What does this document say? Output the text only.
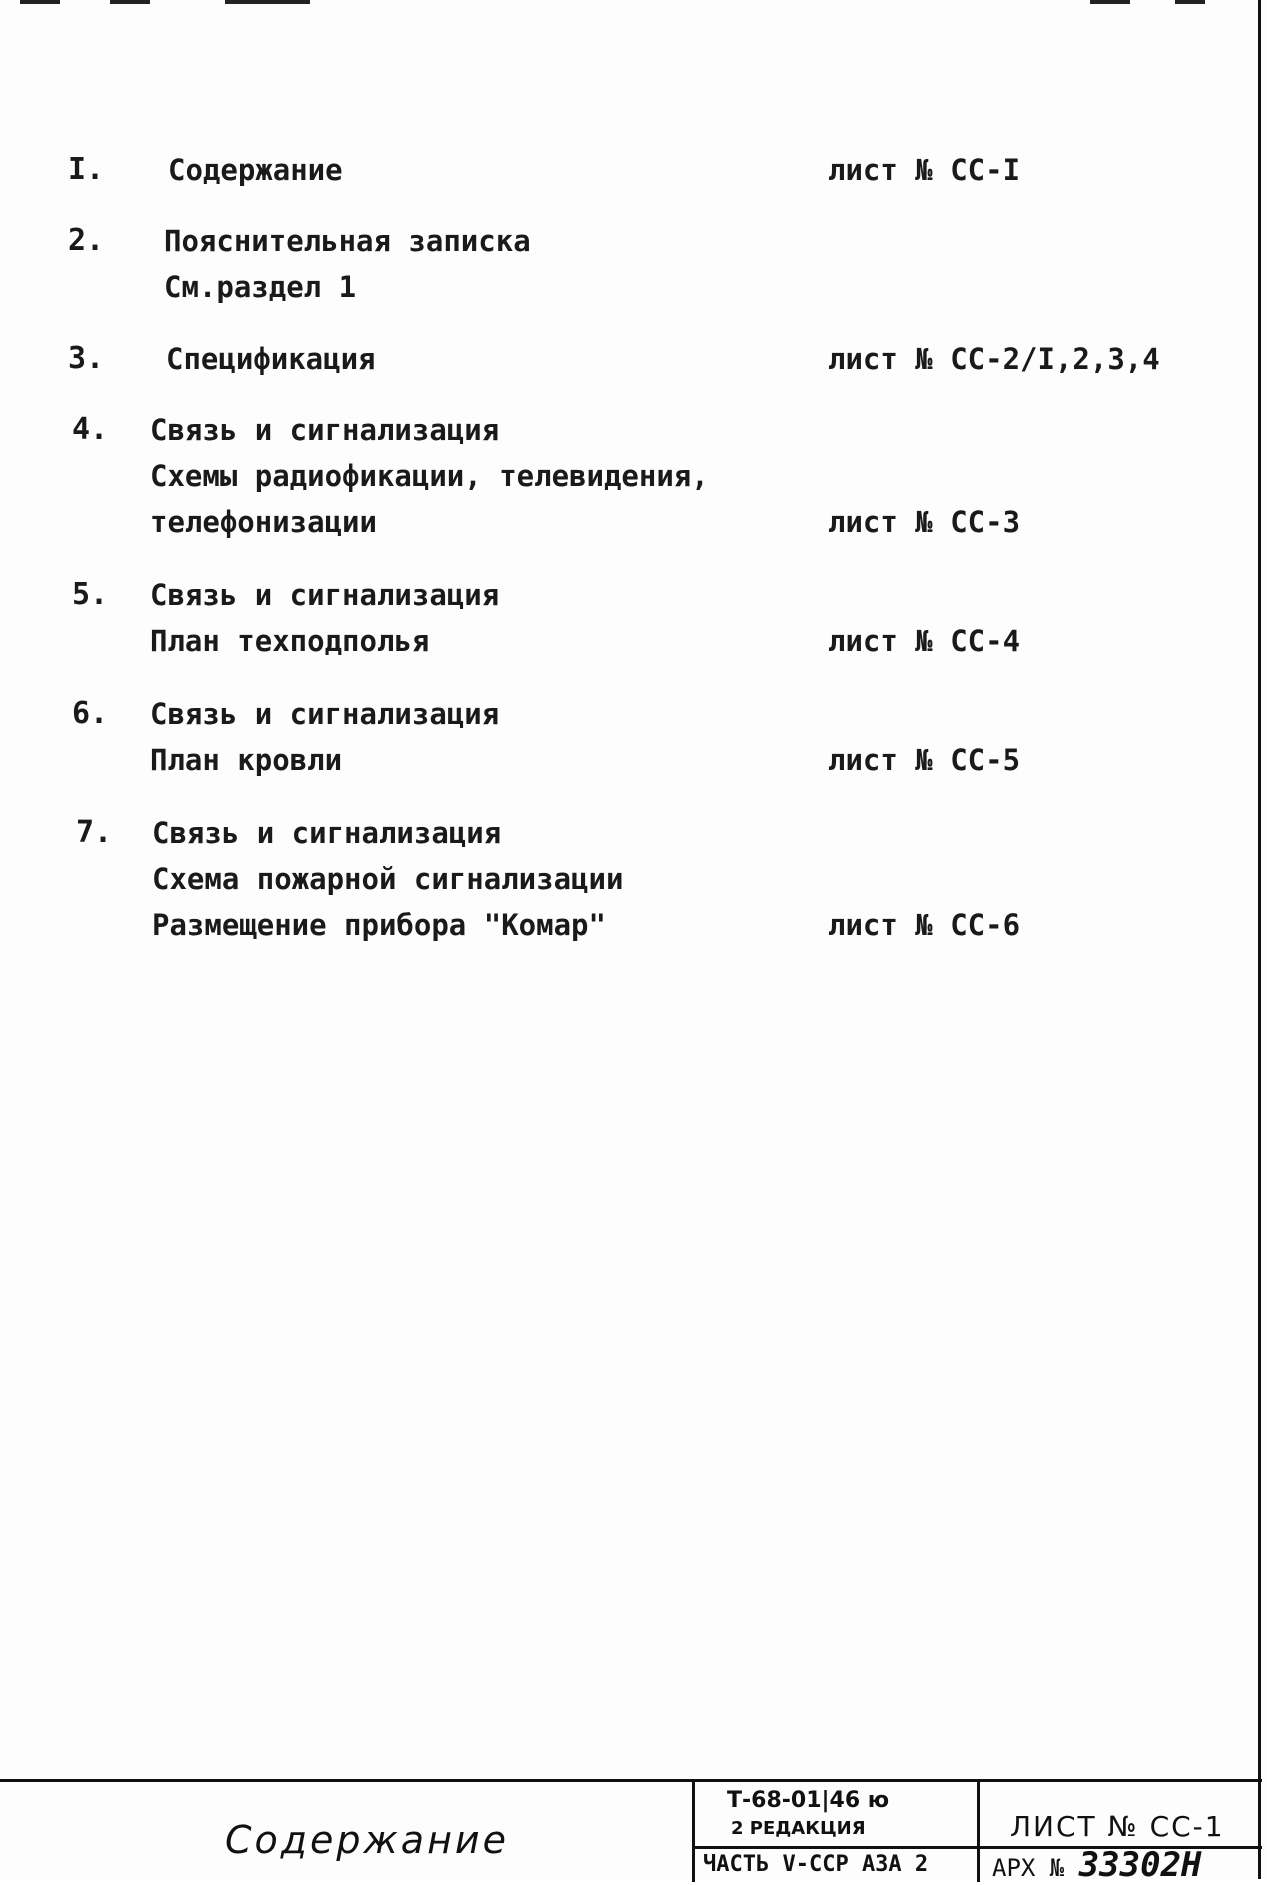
I. Содержание	лист № СС-I
2. Пояснительная записка
См.раздел 1
3. Спецификация	лист № СС-2/I,2,3,4
4. Связь и сигнализация
Схемы радиофикации, телевидения,
телефонизации	лист № СС-3
5. Связь и сигнализация
План техподполья	лист № СС-4
6. Связь и сигнализация
План кровли	лист № СС-5
7. Связь и сигнализация
Схема пожарной сигнализации
Размещение прибора "Комар"	лист № СС-6
Содержание
Т-68-01|46 ю
2 РЕДАКЦИЯ
ЧАСТЬ V-ССР А3А 2
ЛИСТ № СС-1
АРХ № 33302Н
